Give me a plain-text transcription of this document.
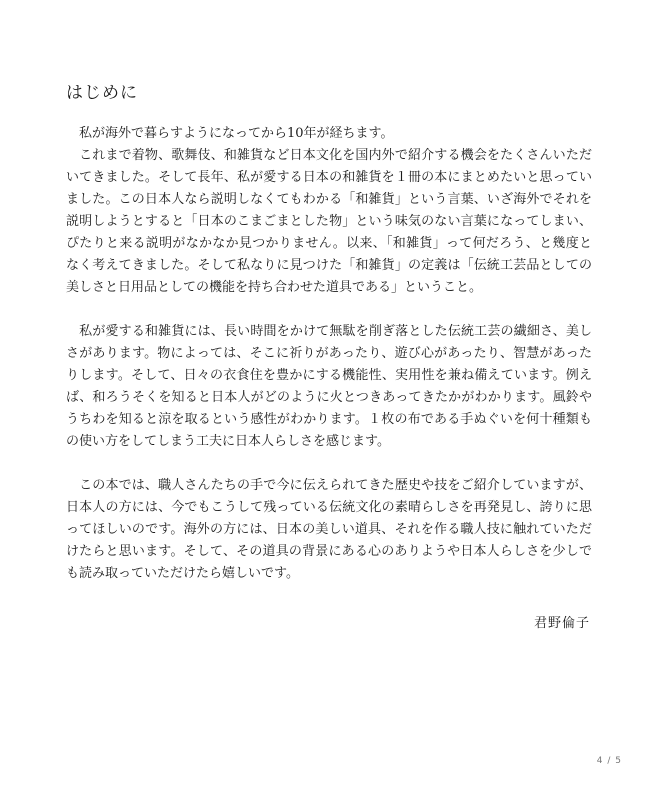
はじめに

　私が海外で暮らすようになってから10年が経ちます。
　これまで着物、歌舞伎、和雑貨など日本文化を国内外で紹介する機会をたくさんいただいてきました。そして長年、私が愛する日本の和雑貨を１冊の本にまとめたいと思っていました。この日本人なら説明しなくてもわかる「和雑貨」という言葉、いざ海外でそれを説明しようとすると「日本のこまごまとした物」という味気のない言葉になってしまい、ぴたりと来る説明がなかなか見つかりません。以来、「和雑貨」って何だろう、と幾度となく考えてきました。そして私なりに見つけた「和雑貨」の定義は「伝統工芸品としての美しさと日用品としての機能を持ち合わせた道具である」ということ。

　私が愛する和雑貨には、長い時間をかけて無駄を削ぎ落とした伝統工芸の繊細さ、美しさがあります。物によっては、そこに祈りがあったり、遊び心があったり、智慧があったりします。そして、日々の衣食住を豊かにする機能性、実用性を兼ね備えています。例えば、和ろうそくを知ると日本人がどのように火とつきあってきたかがわかります。風鈴やうちわを知ると涼を取るという感性がわかります。１枚の布である手ぬぐいを何十種類もの使い方をしてしまう工夫に日本人らしさを感じます。

　この本では、職人さんたちの手で今に伝えられてきた歴史や技をご紹介していますが、日本人の方には、今でもこうして残っている伝統文化の素晴らしさを再発見し、誇りに思ってほしいのです。海外の方には、日本の美しい道具、それを作る職人技に触れていただけたらと思います。そして、その道具の背景にある心のありようや日本人らしさを少しでも読み取っていただけたら嬉しいです。

君野倫子
4 / 5
